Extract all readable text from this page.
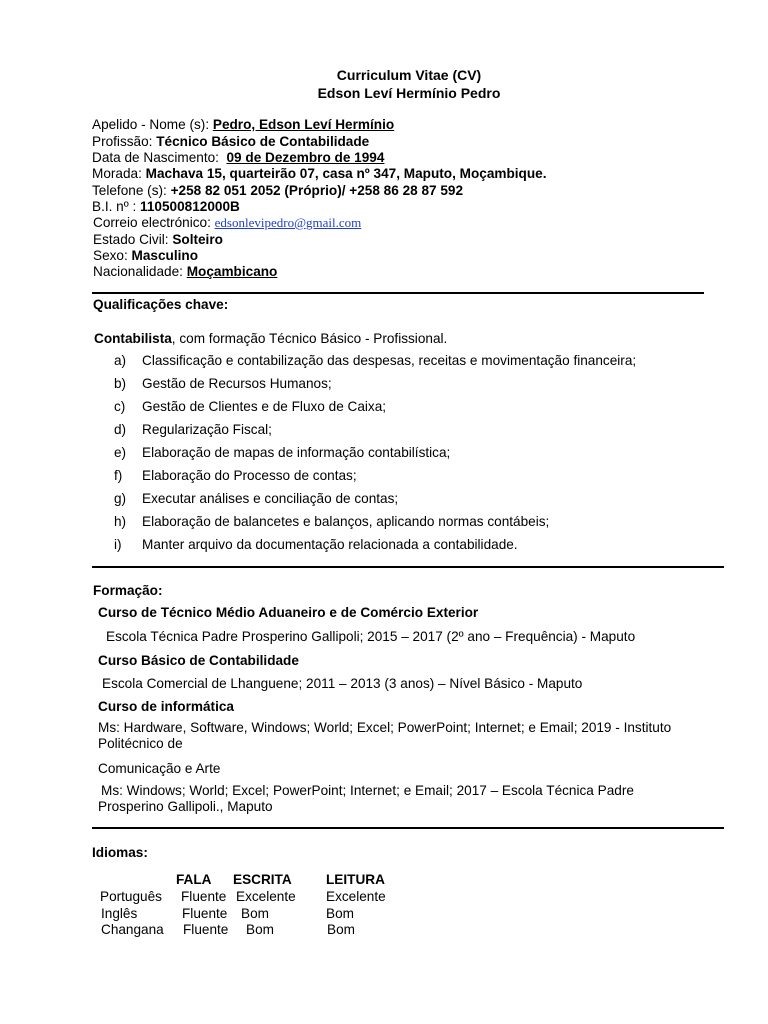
Curriculum Vitae (CV)
Edson Leví Hermínio Pedro
Apelido - Nome (s): Pedro, Edson Leví Hermínio
Profissão: Técnico Básico de Contabilidade
Data de Nascimento: 09 de Dezembro de 1994
Morada: Machava 15, quarteirão 07, casa nº 347, Maputo, Moçambique.
Telefone (s): +258 82 051 2052 (Próprio)/ +258 86 28 87 592
B.I. nº : 110500812000B
Correio electrónico: edsonlevipedro@gmail.com
Estado Civil: Solteiro
Sexo: Masculino
Nacionalidade: Moçambicano
Qualificações chave:
Contabilista, com formação Técnico Básico - Profissional.
a) Classificação e contabilização das despesas, receitas e movimentação financeira;
b) Gestão de Recursos Humanos;
c) Gestão de Clientes e de Fluxo de Caixa;
d) Regularização Fiscal;
e) Elaboração de mapas de informação contabilística;
f) Elaboração do Processo de contas;
g) Executar análises e conciliação de contas;
h) Elaboração de balancetes e balanços, aplicando normas contábeis;
i) Manter arquivo da documentação relacionada a contabilidade.
Formação:
Curso de Técnico Médio Aduaneiro e de Comércio Exterior
Escola Técnica Padre Prosperino Gallipoli; 2015 – 2017 (2º ano – Frequência) - Maputo
Curso Básico de Contabilidade
Escola Comercial de Lhanguene; 2011 – 2013 (3 anos) – Nível Básico - Maputo
Curso de informática
Ms: Hardware, Software, Windows; World; Excel; PowerPoint; Internet; e Email; 2019 - Instituto Politécnico de
Comunicação e Arte
Ms: Windows; World; Excel; PowerPoint; Internet; e Email; 2017 – Escola Técnica Padre Prosperino Gallipoli., Maputo
Idiomas:
FALA ESCRITA	LEITURA
Português Fluente Excelente Excelente
Inglês	Fluente Bom	Bom
Changana Fluente Bom	Bom
